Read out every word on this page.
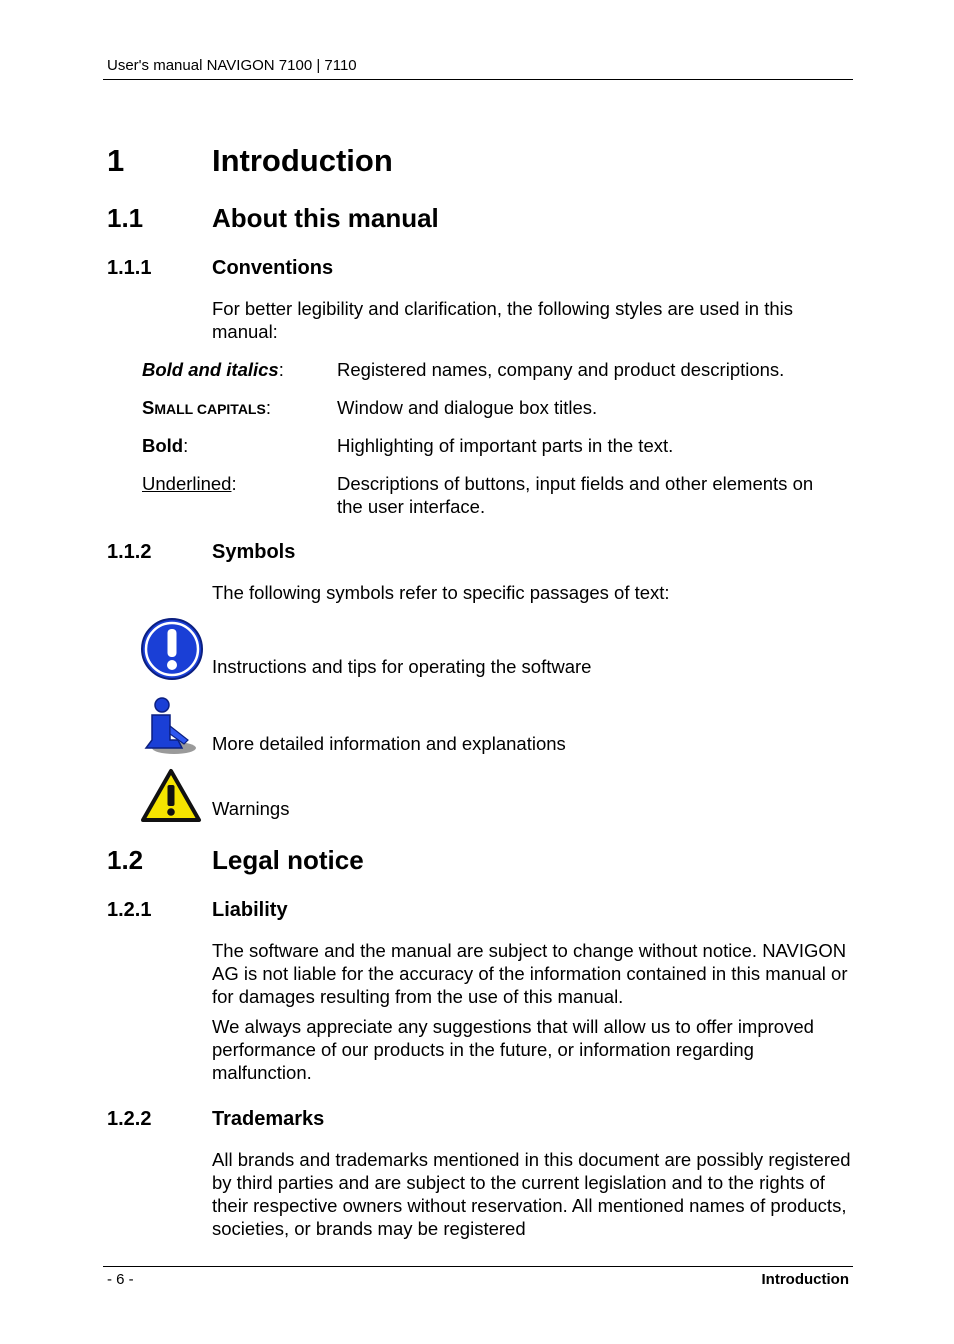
User's manual NAVIGON 7100 | 7110
1	Introduction
1.1	About this manual
1.1.1	Conventions
For better legibility and clarification, the following styles are used in this manual:
Bold and italics:	Registered names, company and product descriptions.
SMALL CAPITALS:	Window and dialogue box titles.
Bold:	Highlighting of important parts in the text.
Underlined:	Descriptions of buttons, input fields and other elements on the user interface.
1.1.2	Symbols
The following symbols refer to specific passages of text:
Instructions and tips for operating the software
More detailed information and explanations
Warnings
1.2	Legal notice
1.2.1	Liability

The software and the manual are subject to change without notice. NAVIGON AG is not liable for the accuracy of the information contained in this manual or for damages resulting from the use of this manual.

We always appreciate any suggestions that will allow us to offer improved performance of our products in the future, or information regarding malfunction.

1.2.2	Trademarks

All brands and trademarks mentioned in this document are possibly registered by third parties and are subject to the current legislation and to the rights of their respective owners without reservation. All mentioned names of products, societies, or brands may be registered

- 6 -	Introduction
